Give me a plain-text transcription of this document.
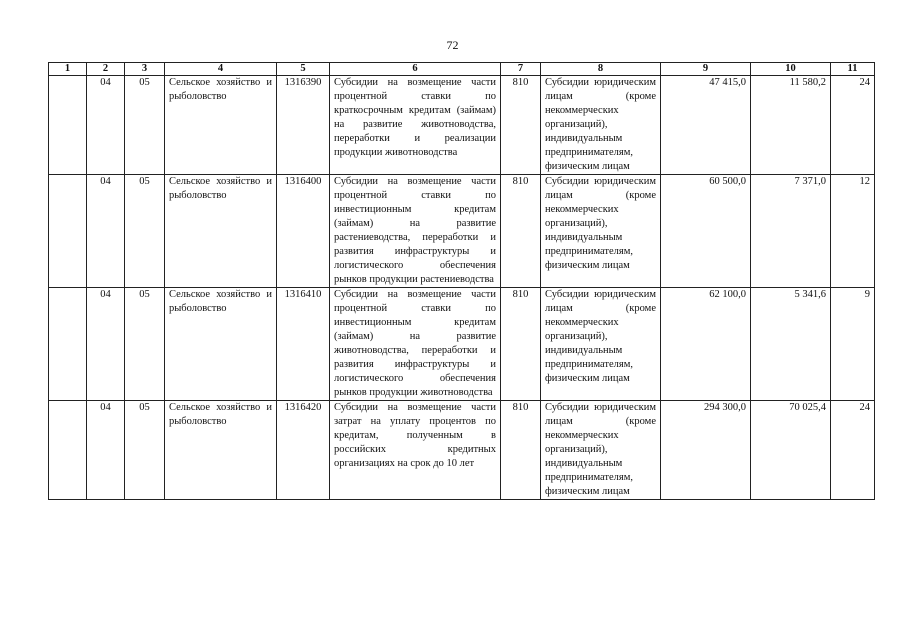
72
1	2	3	4	5	6	7	8	9	10	11
	04	05	Сельское хозяйство и рыболовство	1316390	Субсидии на возмещение части процентной ставки по краткосрочным кредитам (займам) на развитие животноводства, переработки и реализации продукции животноводства	810	Субсидии юридическим лицам (кроме некоммерческих организаций), индивидуальным предпринимателям, физическим лицам	47 415,0	11 580,2	24
	04	05	Сельское хозяйство и рыболовство	1316400	Субсидии на возмещение части процентной ставки по инвестиционным кредитам (займам) на развитие растениеводства, переработки и развития инфраструктуры и логистического обеспечения рынков продукции растениеводства	810	Субсидии юридическим лицам (кроме некоммерческих организаций), индивидуальным предпринимателям, физическим лицам	60 500,0	7 371,0	12
	04	05	Сельское хозяйство и рыболовство	1316410	Субсидии на возмещение части процентной ставки по инвестиционным кредитам (займам) на развитие животноводства, переработки и развития инфраструктуры и логистического обеспечения рынков продукции животноводства	810	Субсидии юридическим лицам (кроме некоммерческих организаций), индивидуальным предпринимателям, физическим лицам	62 100,0	5 341,6	9
	04	05	Сельское хозяйство и рыболовство	1316420	Субсидии на возмещение части затрат на уплату процентов по кредитам, полученным в российских кредитных организациях на срок до 10 лет	810	Субсидии юридическим лицам (кроме некоммерческих организаций), индивидуальным предпринимателям, физическим лицам	294 300,0	70 025,4	24
